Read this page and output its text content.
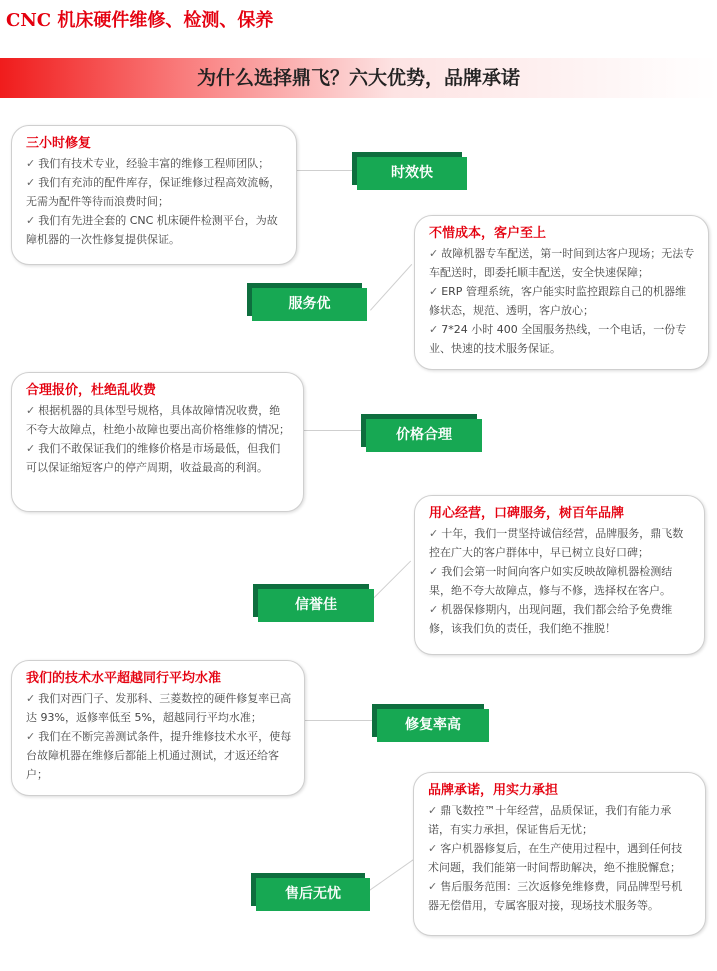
CNC 机床硬件维修、检测、保养
为什么选择鼎飞？六大优势，品牌承诺
三小时修复
✓ 我们有技术专业，经验丰富的维修工程师团队；
✓ 我们有充沛的配件库存，保证维修过程高效流畅，无需为配件等待而浪费时间；
✓ 我们有先进全套的 CNC 机床硬件检测平台，为故障机器的一次性修复提供保证。
时效快
不惜成本，客户至上
✓ 故障机器专车配送，第一时间到达客户现场；无法专车配送时，即委托顺丰配送，安全快速保障；
✓ ERP 管理系统，客户能实时监控跟踪自己的机器维修状态，规范、透明，客户放心；
✓ 7*24 小时 400 全国服务热线，一个电话，一份专业、快速的技术服务保证。
服务优
合理报价，杜绝乱收费
✓ 根据机器的具体型号规格，具体故障情况收费，绝不夸大故障点，杜绝小故障也要出高价格维修的情况；
✓ 我们不敢保证我们的维修价格是市场最低，但我们可以保证缩短客户的停产周期，收益最高的利润。
价格合理
用心经营，口碑服务，树百年品牌
✓ 十年，我们一贯坚持诚信经营，品牌服务，鼎飞数控在广大的客户群体中，早已树立良好口碑；
✓ 我们会第一时间向客户如实反映故障机器检测结果，绝不夸大故障点，修与不修，选择权在客户。
✓ 机器保修期内，出现问题，我们都会给予免费维修，该我们负的责任，我们绝不推脱！
信誉佳
我们的技术水平超越同行平均水准
✓ 我们对西门子、发那科、三菱数控的硬件修复率已高达 93%，返修率低至 5%，超越同行平均水准；
✓ 我们在不断完善测试条件，提升维修技术水平，使每台故障机器在维修后都能上机通过测试，才返还给客户；
修复率高
品牌承诺，用实力承担
✓ 鼎飞数控™十年经营，品质保证，我们有能力承诺，有实力承担，保证售后无忧；
✓ 客户机器修复后，在生产使用过程中，遇到任何技术问题，我们能第一时间帮助解决，绝不推脱懈怠；
✓ 售后服务范围：三次返修免维修费，同品牌型号机器无偿借用，专属客服对接，现场技术服务等。
售后无忧
